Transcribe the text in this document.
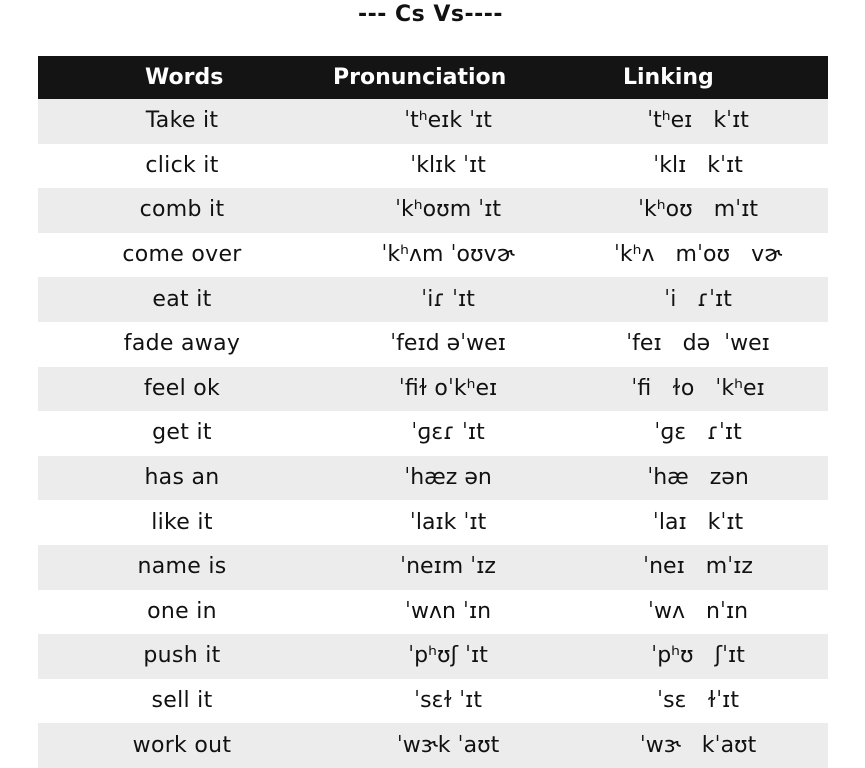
--- Cs Vs----
Words	Pronunciation	Linking
Take it	ˈtʰeɪk ˈɪt	ˈtʰeɪ   kˈɪt
click it	ˈklɪk ˈɪt	ˈklɪ   kˈɪt
comb it	ˈkʰoʊm ˈɪt	ˈkʰoʊ   mˈɪt
come over	ˈkʰʌm ˈoʊvɚ	ˈkʰʌ   mˈoʊ   vɚ
eat it	ˈiɾ ˈɪt	ˈi   ɾˈɪt
fade away	ˈfeɪd əˈweɪ	ˈfeɪ   də  ˈweɪ
feel ok	ˈfiɫ oˈkʰeɪ	ˈfi   ɫo   ˈkʰeɪ
get it	ˈɡɛɾ ˈɪt	ˈɡɛ   ɾˈɪt
has an	ˈhæz ən	ˈhæ   zən
like it	ˈlaɪk ˈɪt	ˈlaɪ   kˈɪt
name is	ˈneɪm ˈɪz	ˈneɪ   mˈɪz
one in	ˈwʌn ˈɪn	ˈwʌ   nˈɪn
push it	ˈpʰʊʃ ˈɪt	ˈpʰʊ   ʃˈɪt
sell it	ˈsɛɫ ˈɪt	ˈsɛ   ɫˈɪt
work out	ˈwɝk ˈaʊt	ˈwɝ   kˈaʊt
